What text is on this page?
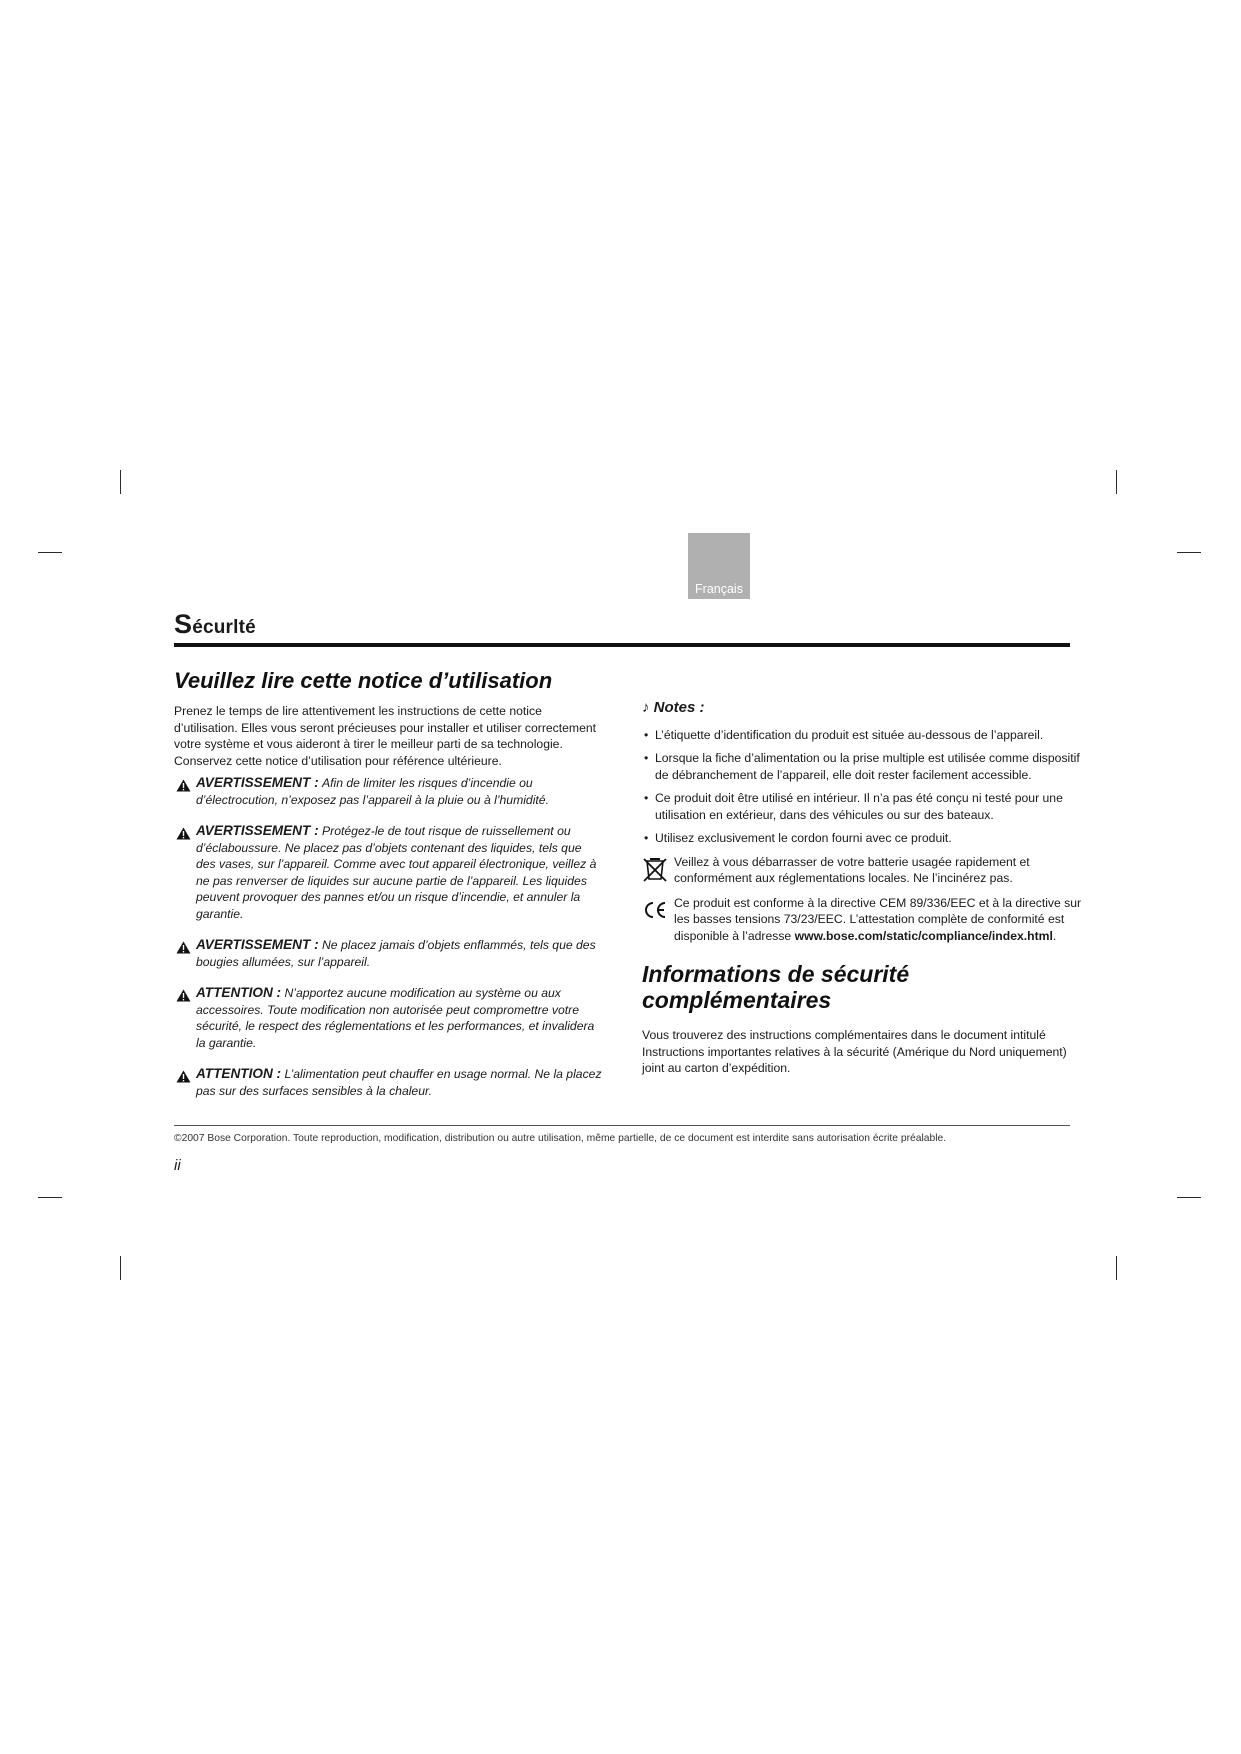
Français
Sécurlté
Veuillez lire cette notice d’utilisation

Prenez le temps de lire attentivement les instructions de cette notice d’utilisation. Elles vous seront précieuses pour installer et utiliser correctement votre système et vous aideront à tirer le meilleur parti de sa technologie. Conservez cette notice d’utilisation pour référence ultérieure.

AVERTISSEMENT : Afin de limiter les risques d’incendie ou d’électrocution, n’exposez pas l’appareil à la pluie ou à l’humidité.
AVERTISSEMENT : Protégez-le de tout risque de ruissellement ou d’éclaboussure. Ne placez pas d’objets contenant des liquides, tels que des vases, sur l’appareil. Comme avec tout appareil électronique, veillez à ne pas renverser de liquides sur aucune partie de l’appareil. Les liquides peuvent provoquer des pannes et/ou un risque d’incendie, et annuler la garantie.
AVERTISSEMENT : Ne placez jamais d’objets enflammés, tels que des bougies allumées, sur l’appareil.
ATTENTION : N’apportez aucune modification au système ou aux accessoires. Toute modification non autorisée peut compromettre votre sécurité, le respect des réglementations et les performances, et invalidera la garantie.
ATTENTION : L’alimentation peut chauffer en usage normal. Ne la placez pas sur des surfaces sensibles à la chaleur.
♪ Notes :
• L’étiquette d’identification du produit est située au-dessous de l’appareil.
• Lorsque la fiche d’alimentation ou la prise multiple est utilisée comme dispositif de débranchement de l’appareil, elle doit rester facilement accessible.
• Ce produit doit être utilisé en intérieur. Il n’a pas été conçu ni testé pour une utilisation en extérieur, dans des véhicules ou sur des bateaux.
• Utilisez exclusivement le cordon fourni avec ce produit.
Veillez à vous débarrasser de votre batterie usagée rapidement et conformément aux réglementations locales. Ne l’incinérez pas.
Ce produit est conforme à la directive CEM 89/336/EEC et à la directive sur les basses tensions 73/23/EEC. L’attestation complète de conformité est disponible à l’adresse www.bose.com/static/compliance/index.html.
Informations de sécurité complémentaires

Vous trouverez des instructions complémentaires dans le document intitulé Instructions importantes relatives à la sécurité (Amérique du Nord uniquement) joint au carton d’expédition.

©2007 Bose Corporation. Toute reproduction, modification, distribution ou autre utilisation, même partielle, de ce document est interdite sans autorisation écrite préalable.
ii
